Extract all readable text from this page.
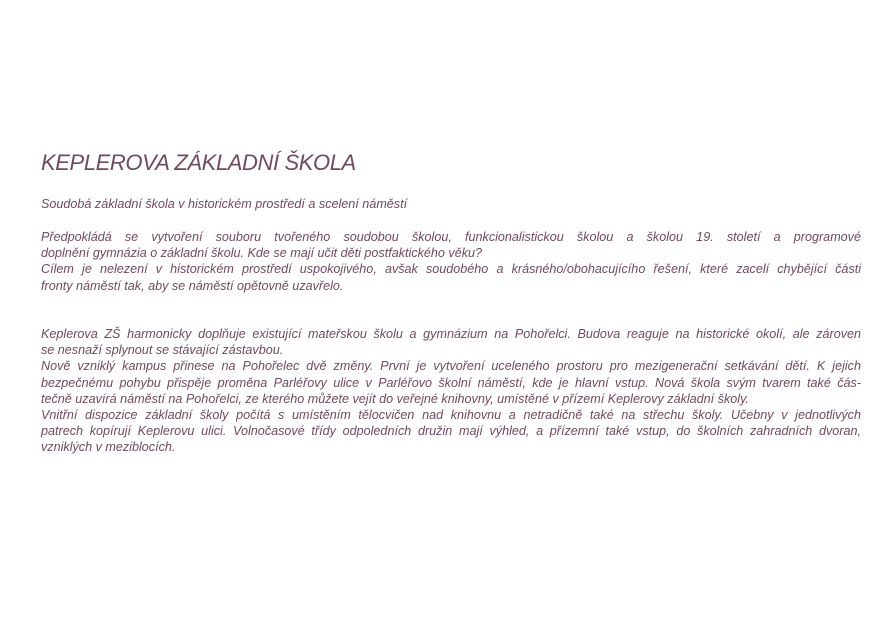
KEPLEROVA ZÁKLADNÍ ŠKOLA
Soudobá základní škola v historickém prostředí a scelení náměstí

Předpokládá se vytvoření souboru tvořeného soudobou školou, funkcionalistickou školou a školou 19. století a programové
doplnění gymnázia o základní školu. Kde se mají učit děti postfaktického věku?

Cílem je nelezení v historickém prostředí uspokojivého, avšak soudobého a krásného/obohacujícího řešení, které zacelí chybějící části
fronty náměstí tak, aby se náměstí opětovně uzavřelo.

Keplerova ZŠ harmonicky doplňuje existující mateřskou školu a gymnázium na Pohořelci. Budova reaguje na historické okolí, ale zároven
se nesnaží splynout se stávající zástavbou.

Nově vzniklý kampus přinese na Pohořelec dvě změny. První je vytvoření uceleného prostoru pro mezigenerační setkávání dětí. K jejich
bezpečnému pohybu přispěje proměna Parléřovy ulice v Parléřovo školní náměstí, kde je hlavní vstup. Nová škola svým tvarem také čás-
tečně uzavírá náměstí na Pohořelci, ze kterého můžete vejít do veřejné knihovny, umístěné v přízemí Keplerovy základní školy.

Vnitřní dispozice základní školy počítá s umístěním tělocvičen nad knihovnu a netradičně také na střechu školy. Učebny v jednotlivých
patrech kopírují Keplerovu ulici. Volnočasové třídy odpoledních družin mají výhled, a přízemní také vstup, do školních zahradních dvoran,
vzniklých v meziblocích.
